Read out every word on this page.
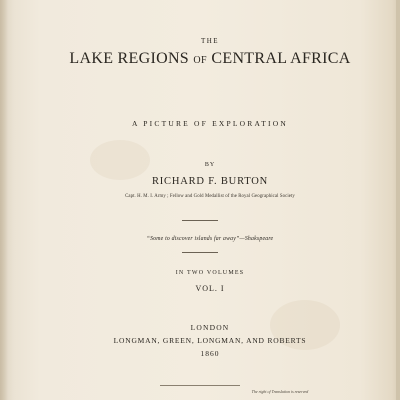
THE
LAKE REGIONS OF CENTRAL AFRICA
A PICTURE OF EXPLORATION
BY
RICHARD F. BURTON
Capt. H. M. I. Army ; Fellow and Gold Medallist of the Royal Geographical Society
“Some to discover islands far away”—Shakspeare
IN TWO VOLUMES
VOL. I
LONDON
LONGMAN, GREEN, LONGMAN, AND ROBERTS
1860
The right of Translation is reserved
